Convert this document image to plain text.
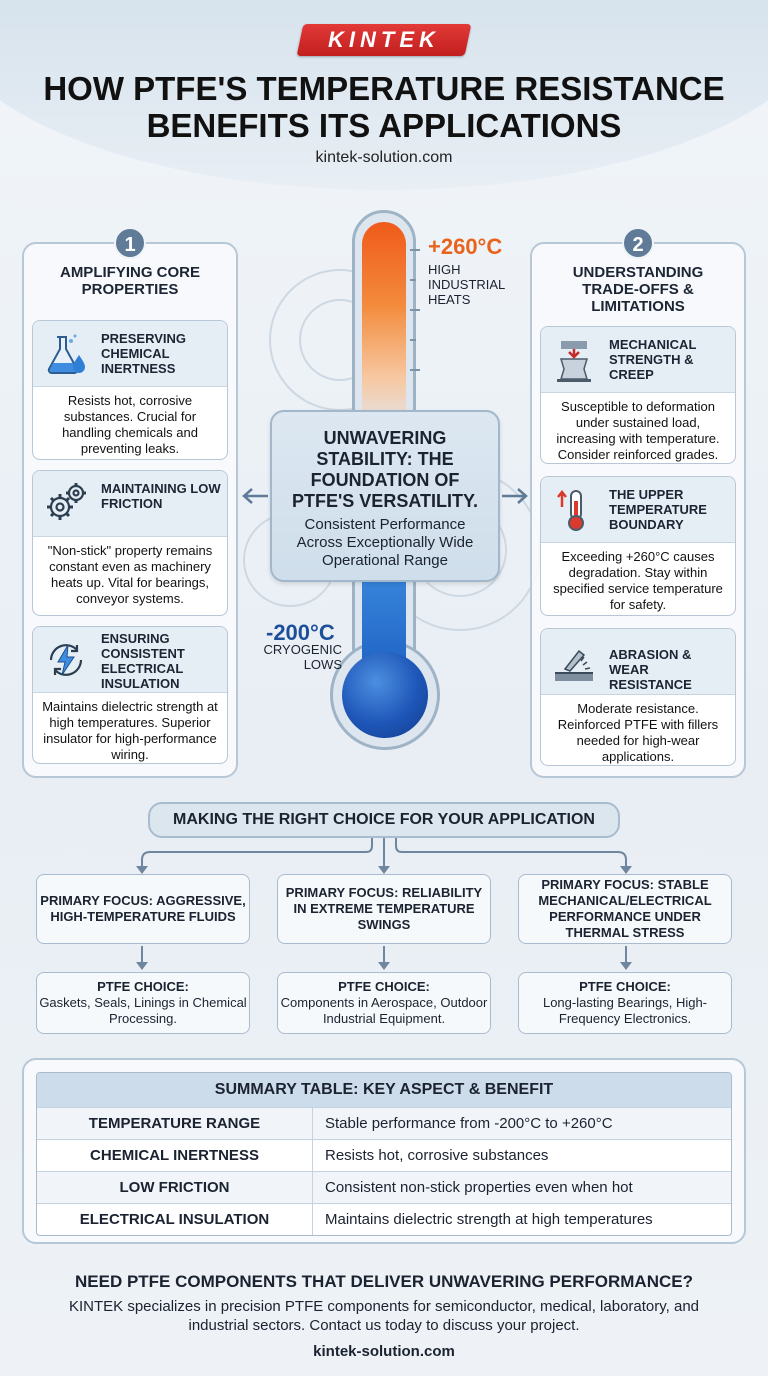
KINTEK
HOW PTFE'S TEMPERATURE RESISTANCE BENEFITS ITS APPLICATIONS
kintek-solution.com
1
AMPLIFYING CORE PROPERTIES
PRESERVING CHEMICAL INERTNESS
Resists hot, corrosive substances. Crucial for handling chemicals and preventing leaks.
MAINTAINING LOW FRICTION
"Non-stick" property remains constant even as machinery heats up. Vital for bearings, conveyor systems.
ENSURING CONSISTENT ELECTRICAL INSULATION
Maintains dielectric strength at high temperatures. Superior insulator for high-performance wiring.
2
UNDERSTANDING TRADE-OFFS & LIMITATIONS
MECHANICAL STRENGTH & CREEP
Susceptible to deformation under sustained load, increasing with temperature. Consider reinforced grades.
THE UPPER TEMPERATURE BOUNDARY
Exceeding +260°C causes degradation. Stay within specified service temperature for safety.
ABRASION & WEAR RESISTANCE
Moderate resistance. Reinforced PTFE with fillers needed for high-wear applications.
+260°C
HIGH INDUSTRIAL HEATS
-200°C
CRYOGENIC LOWS
UNWAVERING STABILITY: THE FOUNDATION OF PTFE'S VERSATILITY.
Consistent Performance Across Exceptionally Wide Operational Range
MAKING THE RIGHT CHOICE FOR YOUR APPLICATION
PRIMARY FOCUS: AGGRESSIVE, HIGH-TEMPERATURE FLUIDS
PRIMARY FOCUS: RELIABILITY IN EXTREME TEMPERATURE SWINGS
PRIMARY FOCUS: STABLE MECHANICAL/ELECTRICAL PERFORMANCE UNDER THERMAL STRESS
PTFE CHOICE:
Gaskets, Seals, Linings in Chemical Processing.
PTFE CHOICE:
Components in Aerospace, Outdoor Industrial Equipment.
PTFE CHOICE:
Long-lasting Bearings, High-Frequency Electronics.
SUMMARY TABLE: KEY ASPECT & BENEFIT
TEMPERATURE RANGE	Stable performance from -200°C to +260°C
CHEMICAL INERTNESS	Resists hot, corrosive substances
LOW FRICTION	Consistent non-stick properties even when hot
ELECTRICAL INSULATION	Maintains dielectric strength at high temperatures
NEED PTFE COMPONENTS THAT DELIVER UNWAVERING PERFORMANCE?
KINTEK specializes in precision PTFE components for semiconductor, medical, laboratory, and industrial sectors. Contact us today to discuss your project.
kintek-solution.com
